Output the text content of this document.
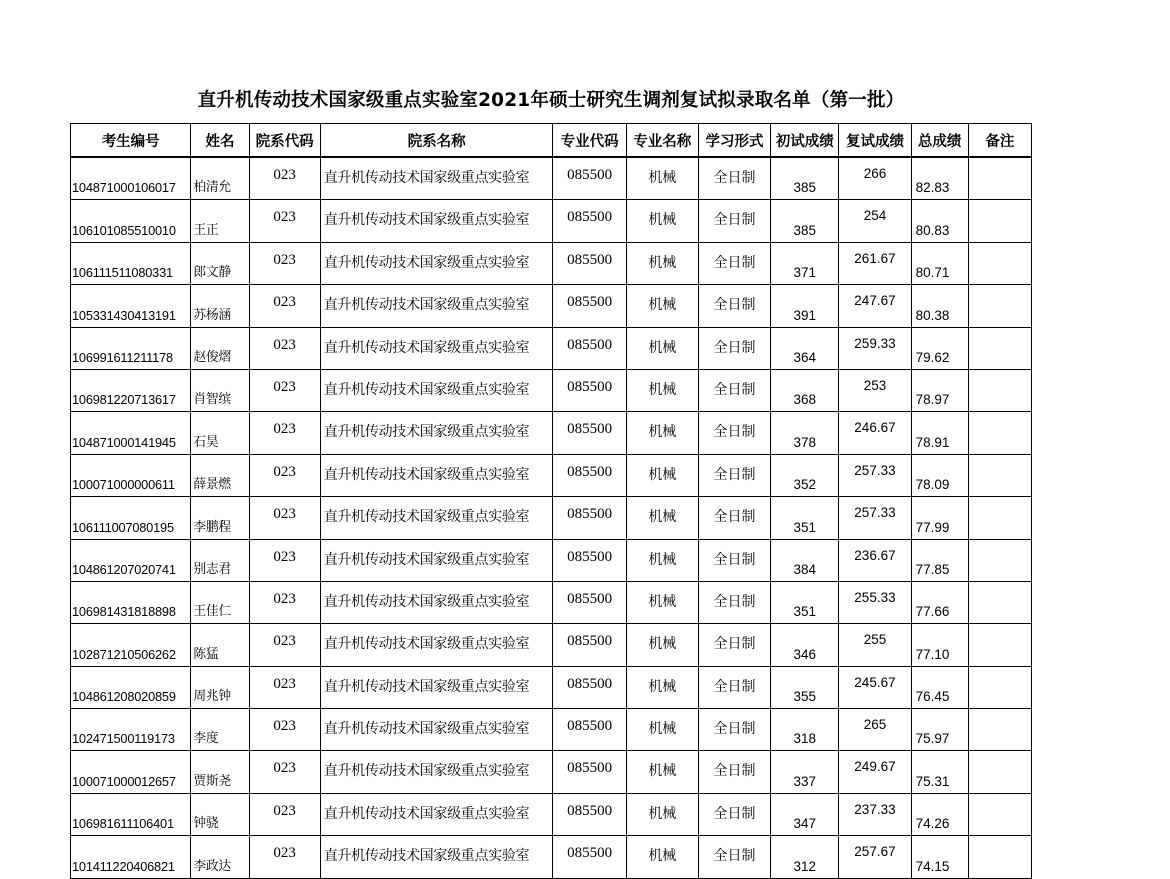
直升机传动技术国家级重点实验室2021年硕士研究生调剂复试拟录取名单（第一批）
考生编号	姓名	院系代码	院系名称	专业代码	专业名称	学习形式	初试成绩	复试成绩	总成绩	备注
104871000106017	柏清允	023	直升机传动技术国家级重点实验室	085500	机械	全日制	385	266	82.83	
106101085510010	王正	023	直升机传动技术国家级重点实验室	085500	机械	全日制	385	254	80.83	
106111511080331	郎文静	023	直升机传动技术国家级重点实验室	085500	机械	全日制	371	261.67	80.71	
105331430413191	苏杨涵	023	直升机传动技术国家级重点实验室	085500	机械	全日制	391	247.67	80.38	
106991611211178	赵俊熠	023	直升机传动技术国家级重点实验室	085500	机械	全日制	364	259.33	79.62	
106981220713617	肖智缤	023	直升机传动技术国家级重点实验室	085500	机械	全日制	368	253	78.97	
104871000141945	石昊	023	直升机传动技术国家级重点实验室	085500	机械	全日制	378	246.67	78.91	
100071000000611	薛景燃	023	直升机传动技术国家级重点实验室	085500	机械	全日制	352	257.33	78.09	
106111007080195	李鹏程	023	直升机传动技术国家级重点实验室	085500	机械	全日制	351	257.33	77.99	
104861207020741	别志君	023	直升机传动技术国家级重点实验室	085500	机械	全日制	384	236.67	77.85	
106981431818898	王佳仁	023	直升机传动技术国家级重点实验室	085500	机械	全日制	351	255.33	77.66	
102871210506262	陈猛	023	直升机传动技术国家级重点实验室	085500	机械	全日制	346	255	77.10	
104861208020859	周兆钟	023	直升机传动技术国家级重点实验室	085500	机械	全日制	355	245.67	76.45	
102471500119173	李度	023	直升机传动技术国家级重点实验室	085500	机械	全日制	318	265	75.97	
100071000012657	贾斯尧	023	直升机传动技术国家级重点实验室	085500	机械	全日制	337	249.67	75.31	
106981611106401	钟骁	023	直升机传动技术国家级重点实验室	085500	机械	全日制	347	237.33	74.26	
101411220406821	李政达	023	直升机传动技术国家级重点实验室	085500	机械	全日制	312	257.67	74.15	
